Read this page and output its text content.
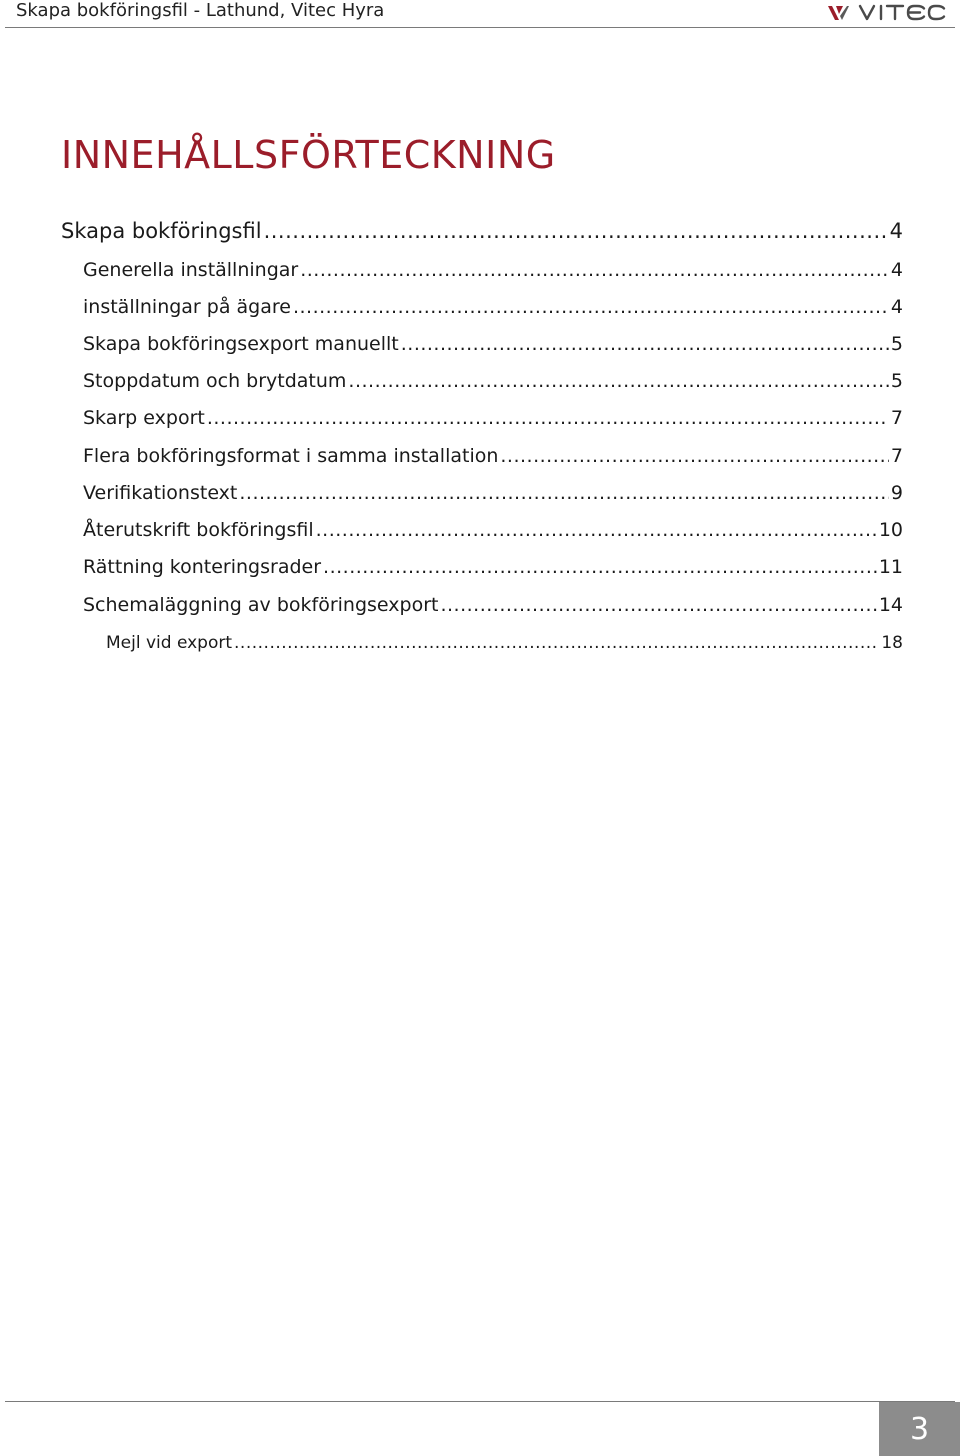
Skapa bokföringsfil - Lathund, Vitec Hyra
INNEHÅLLSFÖRTECKNING
Skapa bokföringsfil .....	4
Generella inställningar .....	4
inställningar på ägare .....	4
Skapa bokföringsexport manuellt .....	5
Stoppdatum och brytdatum .....	5
Skarp export .....	7
Flera bokföringsformat i samma installation .....	7
Verifikationstext .....	9
Återutskrift bokföringsfil .....	10
Rättning konteringsrader .....	11
Schemaläggning av bokföringsexport .....	14
Mejl vid export .....	18
3
